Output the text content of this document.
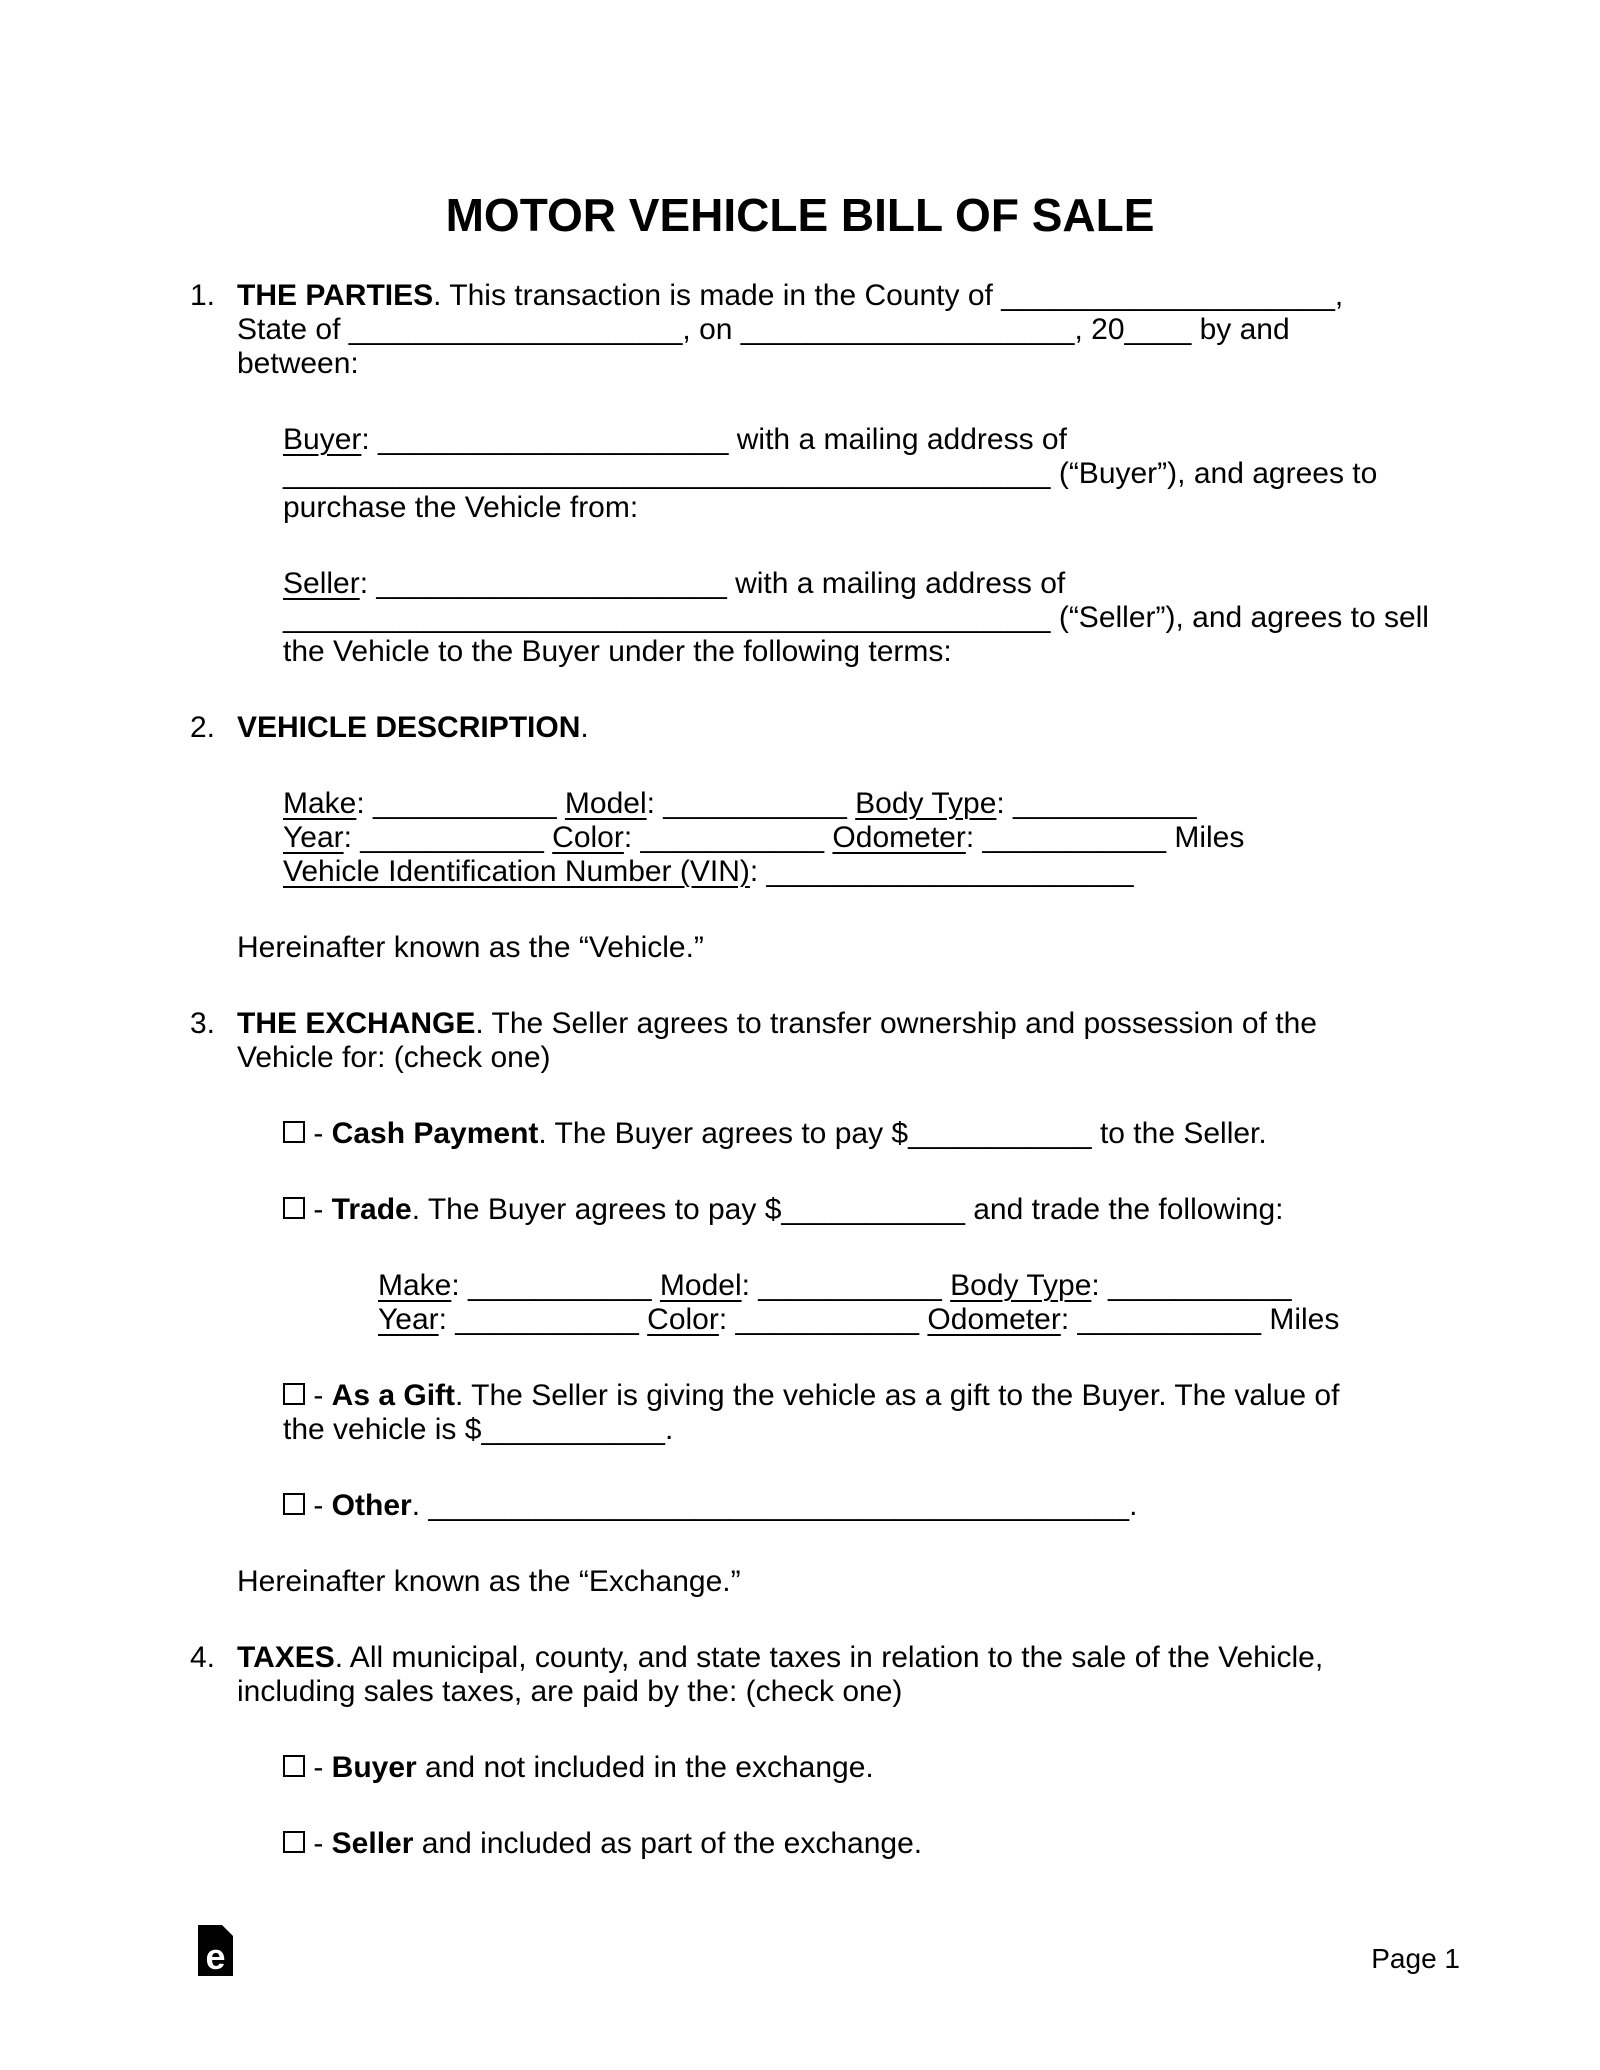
MOTOR VEHICLE BILL OF SALE
1. THE PARTIES. This transaction is made in the County of ____________________,
State of ____________________, on ____________________, 20____ by and
between:
Buyer: _____________________ with a mailing address of
______________________________________________ (“Buyer”), and agrees to
purchase the Vehicle from:
Seller: _____________________ with a mailing address of
______________________________________________ (“Seller”), and agrees to sell
the Vehicle to the Buyer under the following terms:
2. VEHICLE DESCRIPTION.
Make: ___________ Model: ___________ Body Type: ___________
Year: ___________ Color: ___________ Odometer: ___________ Miles
Vehicle Identification Number (VIN): ______________________
Hereinafter known as the “Vehicle.”
3. THE EXCHANGE. The Seller agrees to transfer ownership and possession of the
Vehicle for: (check one)
- Cash Payment. The Buyer agrees to pay $___________ to the Seller.
- Trade. The Buyer agrees to pay $___________ and trade the following:
Make: ___________ Model: ___________ Body Type: ___________
Year: ___________ Color: ___________ Odometer: ___________ Miles
- As a Gift. The Seller is giving the vehicle as a gift to the Buyer. The value of
the vehicle is $___________.
- Other. __________________________________________.
Hereinafter known as the “Exchange.”
4. TAXES. All municipal, county, and state taxes in relation to the sale of the Vehicle,
including sales taxes, are paid by the: (check one)
- Buyer and not included in the exchange.
- Seller and included as part of the exchange.
e	Page 1
